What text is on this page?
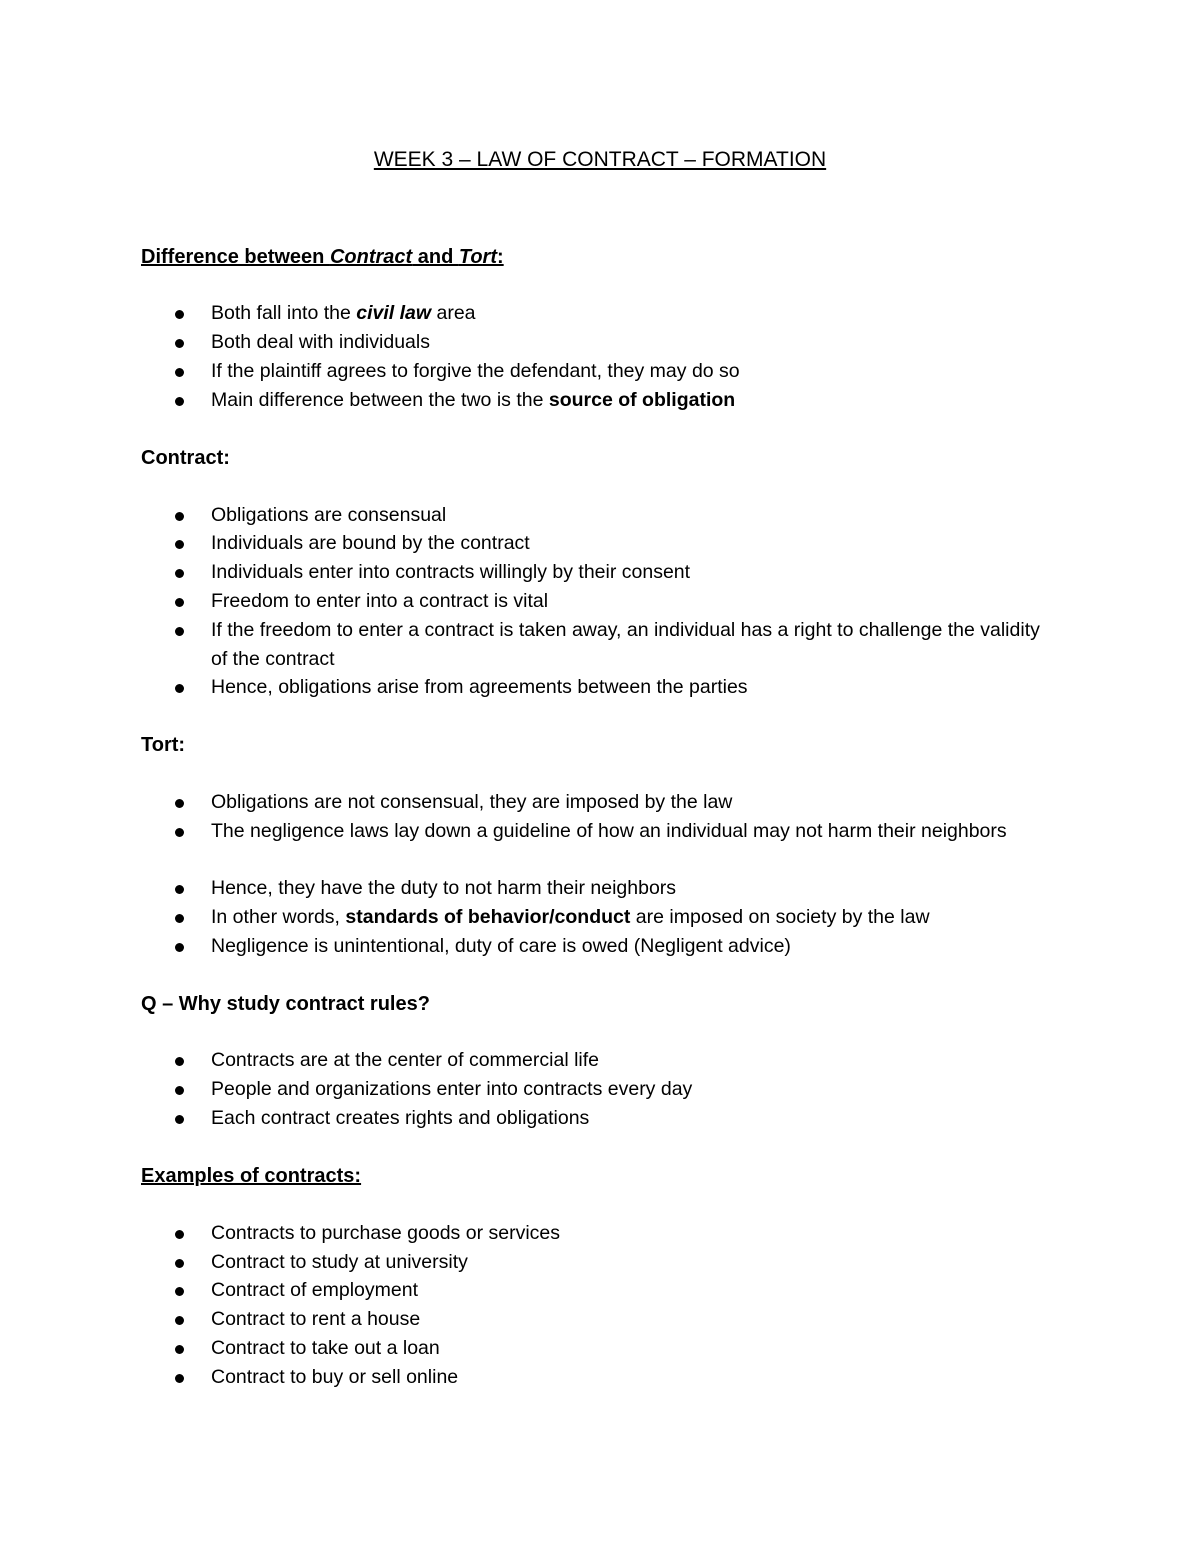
WEEK 3 – LAW OF CONTRACT – FORMATION
Difference between Contract and Tort:

Both fall into the civil law area

Both deal with individuals

If the plaintiff agrees to forgive the defendant, they may do so

Main difference between the two is the source of obligation

Contract:

Obligations are consensual

Individuals are bound by the contract

Individuals enter into contracts willingly by their consent

Freedom to enter into a contract is vital

If the freedom to enter a contract is taken away, an individual has a right to challenge the validity of the contract

Hence, obligations arise from agreements between the parties

Tort:

Obligations are not consensual, they are imposed by the law

The negligence laws lay down a guideline of how an individual may not harm their neighbors

Hence, they have the duty to not harm their neighbors

In other words, standards of behavior/conduct are imposed on society by the law

Negligence is unintentional, duty of care is owed (Negligent advice)

Q – Why study contract rules?

Contracts are at the center of commercial life

People and organizations enter into contracts every day

Each contract creates rights and obligations

Examples of contracts:

Contracts to purchase goods or services

Contract to study at university

Contract of employment

Contract to rent a house

Contract to take out a loan

Contract to buy or sell online
